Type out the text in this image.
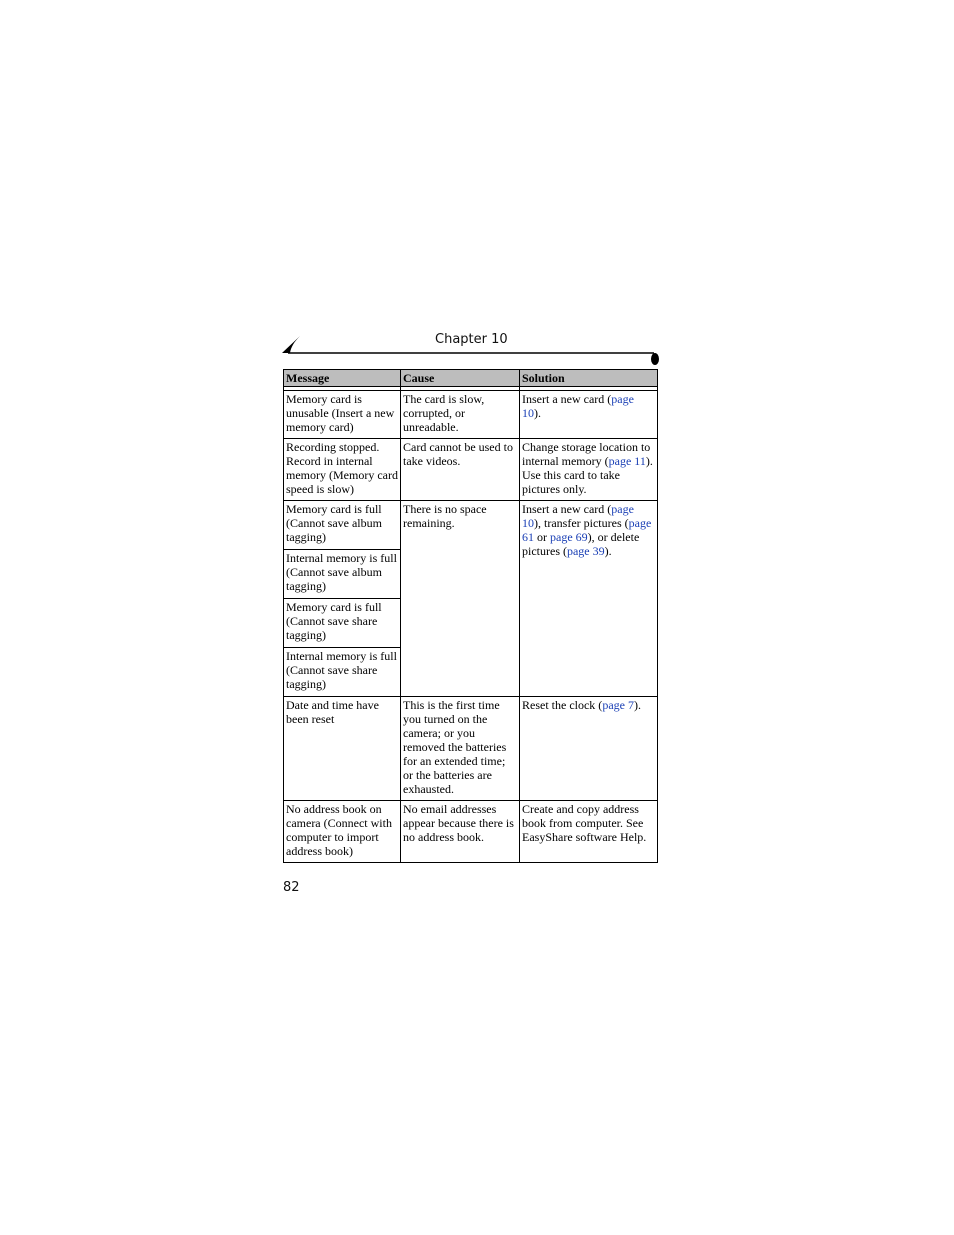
Chapter 10
Message	Cause	Solution

Memory card is unusable (Insert a new memory card)	The card is slow, corrupted, or unreadable.	Insert a new card (page 10).
Recording stopped. Record in internal memory (Memory card speed is slow)	Card cannot be used to take videos.	Change storage location to internal memory (page 11). Use this card to take pictures only.
Memory card is full (Cannot save album tagging)	There is no space remaining.	Insert a new card (page 10), transfer pictures (page 61 or page 69), or delete pictures (page 39).
Internal memory is full (Cannot save album tagging)		
Memory card is full (Cannot save share tagging)		
Internal memory is full (Cannot save share tagging)		
Date and time have been reset	This is the first time you turned on the camera; or you removed the batteries for an extended time; or the batteries are exhausted.	Reset the clock (page 7).
No address book on camera (Connect with computer to import address book)	No email addresses appear because there is no address book.	Create and copy address book from computer. See EasyShare software Help.
82
